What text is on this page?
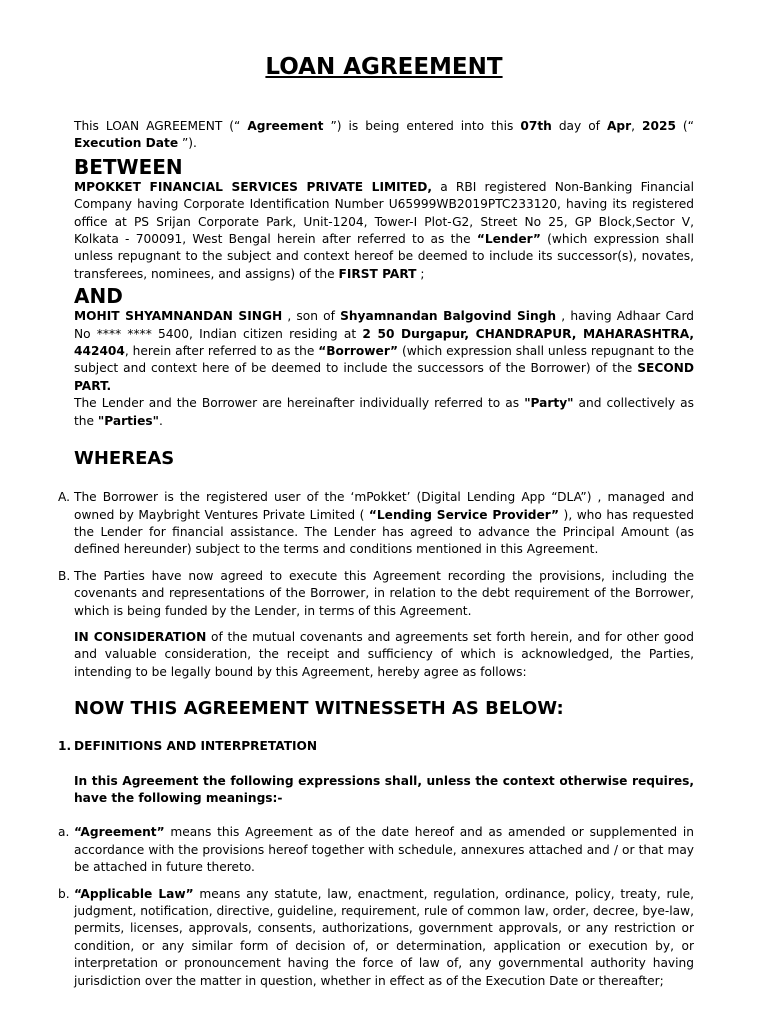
LOAN AGREEMENT

This LOAN AGREEMENT (“ Agreement ”) is being entered into this 07th day of Apr, 2025 (“ Execution Date ”).

BETWEEN

MPOKKET FINANCIAL SERVICES PRIVATE LIMITED, a RBI registered Non-Banking Financial Company having Corporate Identification Number U65999WB2019PTC233120, having its registered office at PS Srijan Corporate Park, Unit-1204, Tower-I Plot-G2, Street No 25, GP Block,Sector V, Kolkata - 700091, West Bengal herein after referred to as the “Lender” (which expression shall unless repugnant to the subject and context hereof be deemed to include its successor(s), novates, transferees, nominees, and assigns) of the FIRST PART ;

AND

MOHIT SHYAMNANDAN SINGH , son of Shyamnandan Balgovind Singh , having Adhaar Card No **** **** 5400, Indian citizen residing at 2 50 Durgapur, CHANDRAPUR, MAHARASHTRA, 442404, herein after referred to as the “Borrower” (which expression shall unless repugnant to the subject and context here of be deemed to include the successors of the Borrower) of the SECOND PART.

The Lender and the Borrower are hereinafter individually referred to as "Party" and collectively as the "Parties".

WHEREAS
A. The Borrower is the registered user of the ‘mPokket’ (Digital Lending App “DLA”) , managed and owned by Maybright Ventures Private Limited ( “Lending Service Provider” ), who has requested the Lender for financial assistance. The Lender has agreed to advance the Principal Amount (as defined hereunder) subject to the terms and conditions mentioned in this Agreement.
B. The Parties have now agreed to execute this Agreement recording the provisions, including the covenants and representations of the Borrower, in relation to the debt requirement of the Borrower, which is being funded by the Lender, in terms of this Agreement.

IN CONSIDERATION of the mutual covenants and agreements set forth herein, and for other good and valuable consideration, the receipt and sufficiency of which is acknowledged, the Parties, intending to be legally bound by this Agreement, hereby agree as follows:

NOW THIS AGREEMENT WITNESSETH AS BELOW:
1. DEFINITIONS AND INTERPRETATION

In this Agreement the following expressions shall, unless the context otherwise requires, have the following meanings:-

a. “Agreement” means this Agreement as of the date hereof and as amended or supplemented in accordance with the provisions hereof together with schedule, annexures attached and / or that may be attached in future thereto.
b. “Applicable Law” means any statute, law, enactment, regulation, ordinance, policy, treaty, rule, judgment, notification, directive, guideline, requirement, rule of common law, order, decree, bye-law, permits, licenses, approvals, consents, authorizations, government approvals, or any restriction or condition, or any similar form of decision of, or determination, application or execution by, or interpretation or pronouncement having the force of law of, any governmental authority having jurisdiction over the matter in question, whether in effect as of the Execution Date or thereafter;
